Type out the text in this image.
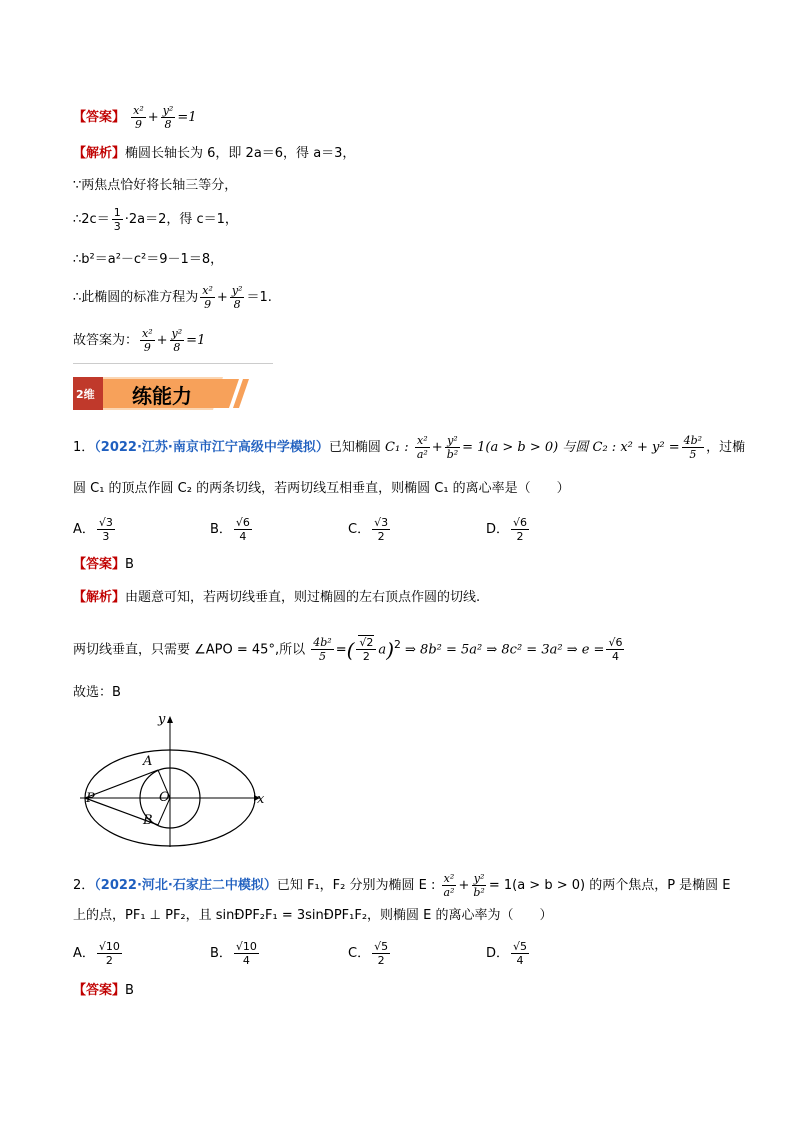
【答案】 $\frac{\text{x²}}{9} + \frac{\text{y²}}{8} =1$
【解析】椭圆长轴长为 6，即 2a＝6，得 a＝3，
∵两焦点恰好将长轴三等分，
∴2c＝ $\frac{1}{3} \cdot 2a=2$，得 c＝1，
∴b²＝a²－c²＝9－1＝8，
∴此椭圆的标准方程为 $\frac{\text{x²}}{9} + \frac{\text{y²}}{8} =1$.
故答案为： $\frac{\text{x²}}{9} + \frac{\text{y²}}{8} =1$
2维 练能力
1．（2022·江苏·南京市江宁高级中学模拟）已知椭圆 C₁ : $\frac{\text{x²}}{\text{a²}} + \frac{\text{y²}}{\text{b²}} = 1(a > b > 0)$ 与圆 C₂ : $x^2 + y^2 = \frac{\text{4b²}}{5}$ ，过椭
圆 C₁ 的顶点作圆 C₂ 的两条切线，若两切线互相垂直，则椭圆 C₁ 的离心率是（　　）
A． $\frac{√3}{3}$	B． $\frac{√6}{4}$	C． $\frac{√3}{2}$	D． $\frac{√6}{2}$
【答案】B
【解析】由题意可知，若两切线垂直，则过椭圆的左右顶点作圆的切线.
两切线垂直，只需要 ∠APO = 45°,所以 $\frac{\text{4b²}}{5}$ =( $\frac{√2}{2} a)^2$ ⇒ 8b² = 5a² ⇒ 8c² = 3a² ⇒ $e = \frac{√6}{4}$
故选：B
y
x
A
B
O
P
2．（2022·河北·石家庄二中模拟）已知 F₁，F₂ 分别为椭圆 E : $\frac{\text{x²}}{\text{a²}} + \frac{\text{y²}}{\text{b²}} = 1(a > b > 0)$ 的两个焦点，P 是椭圆 E
上的点，PF₁ ⊥ PF₂，且 sinÐPF₂F₁ = 3sinÐPF₁F₂，则椭圆 E 的离心率为（　　）
A． $\frac{√10}{2}$	B． $\frac{√10}{4}$	C． $\frac{√5}{2}$	D． $\frac{√5}{4}$
【答案】B
